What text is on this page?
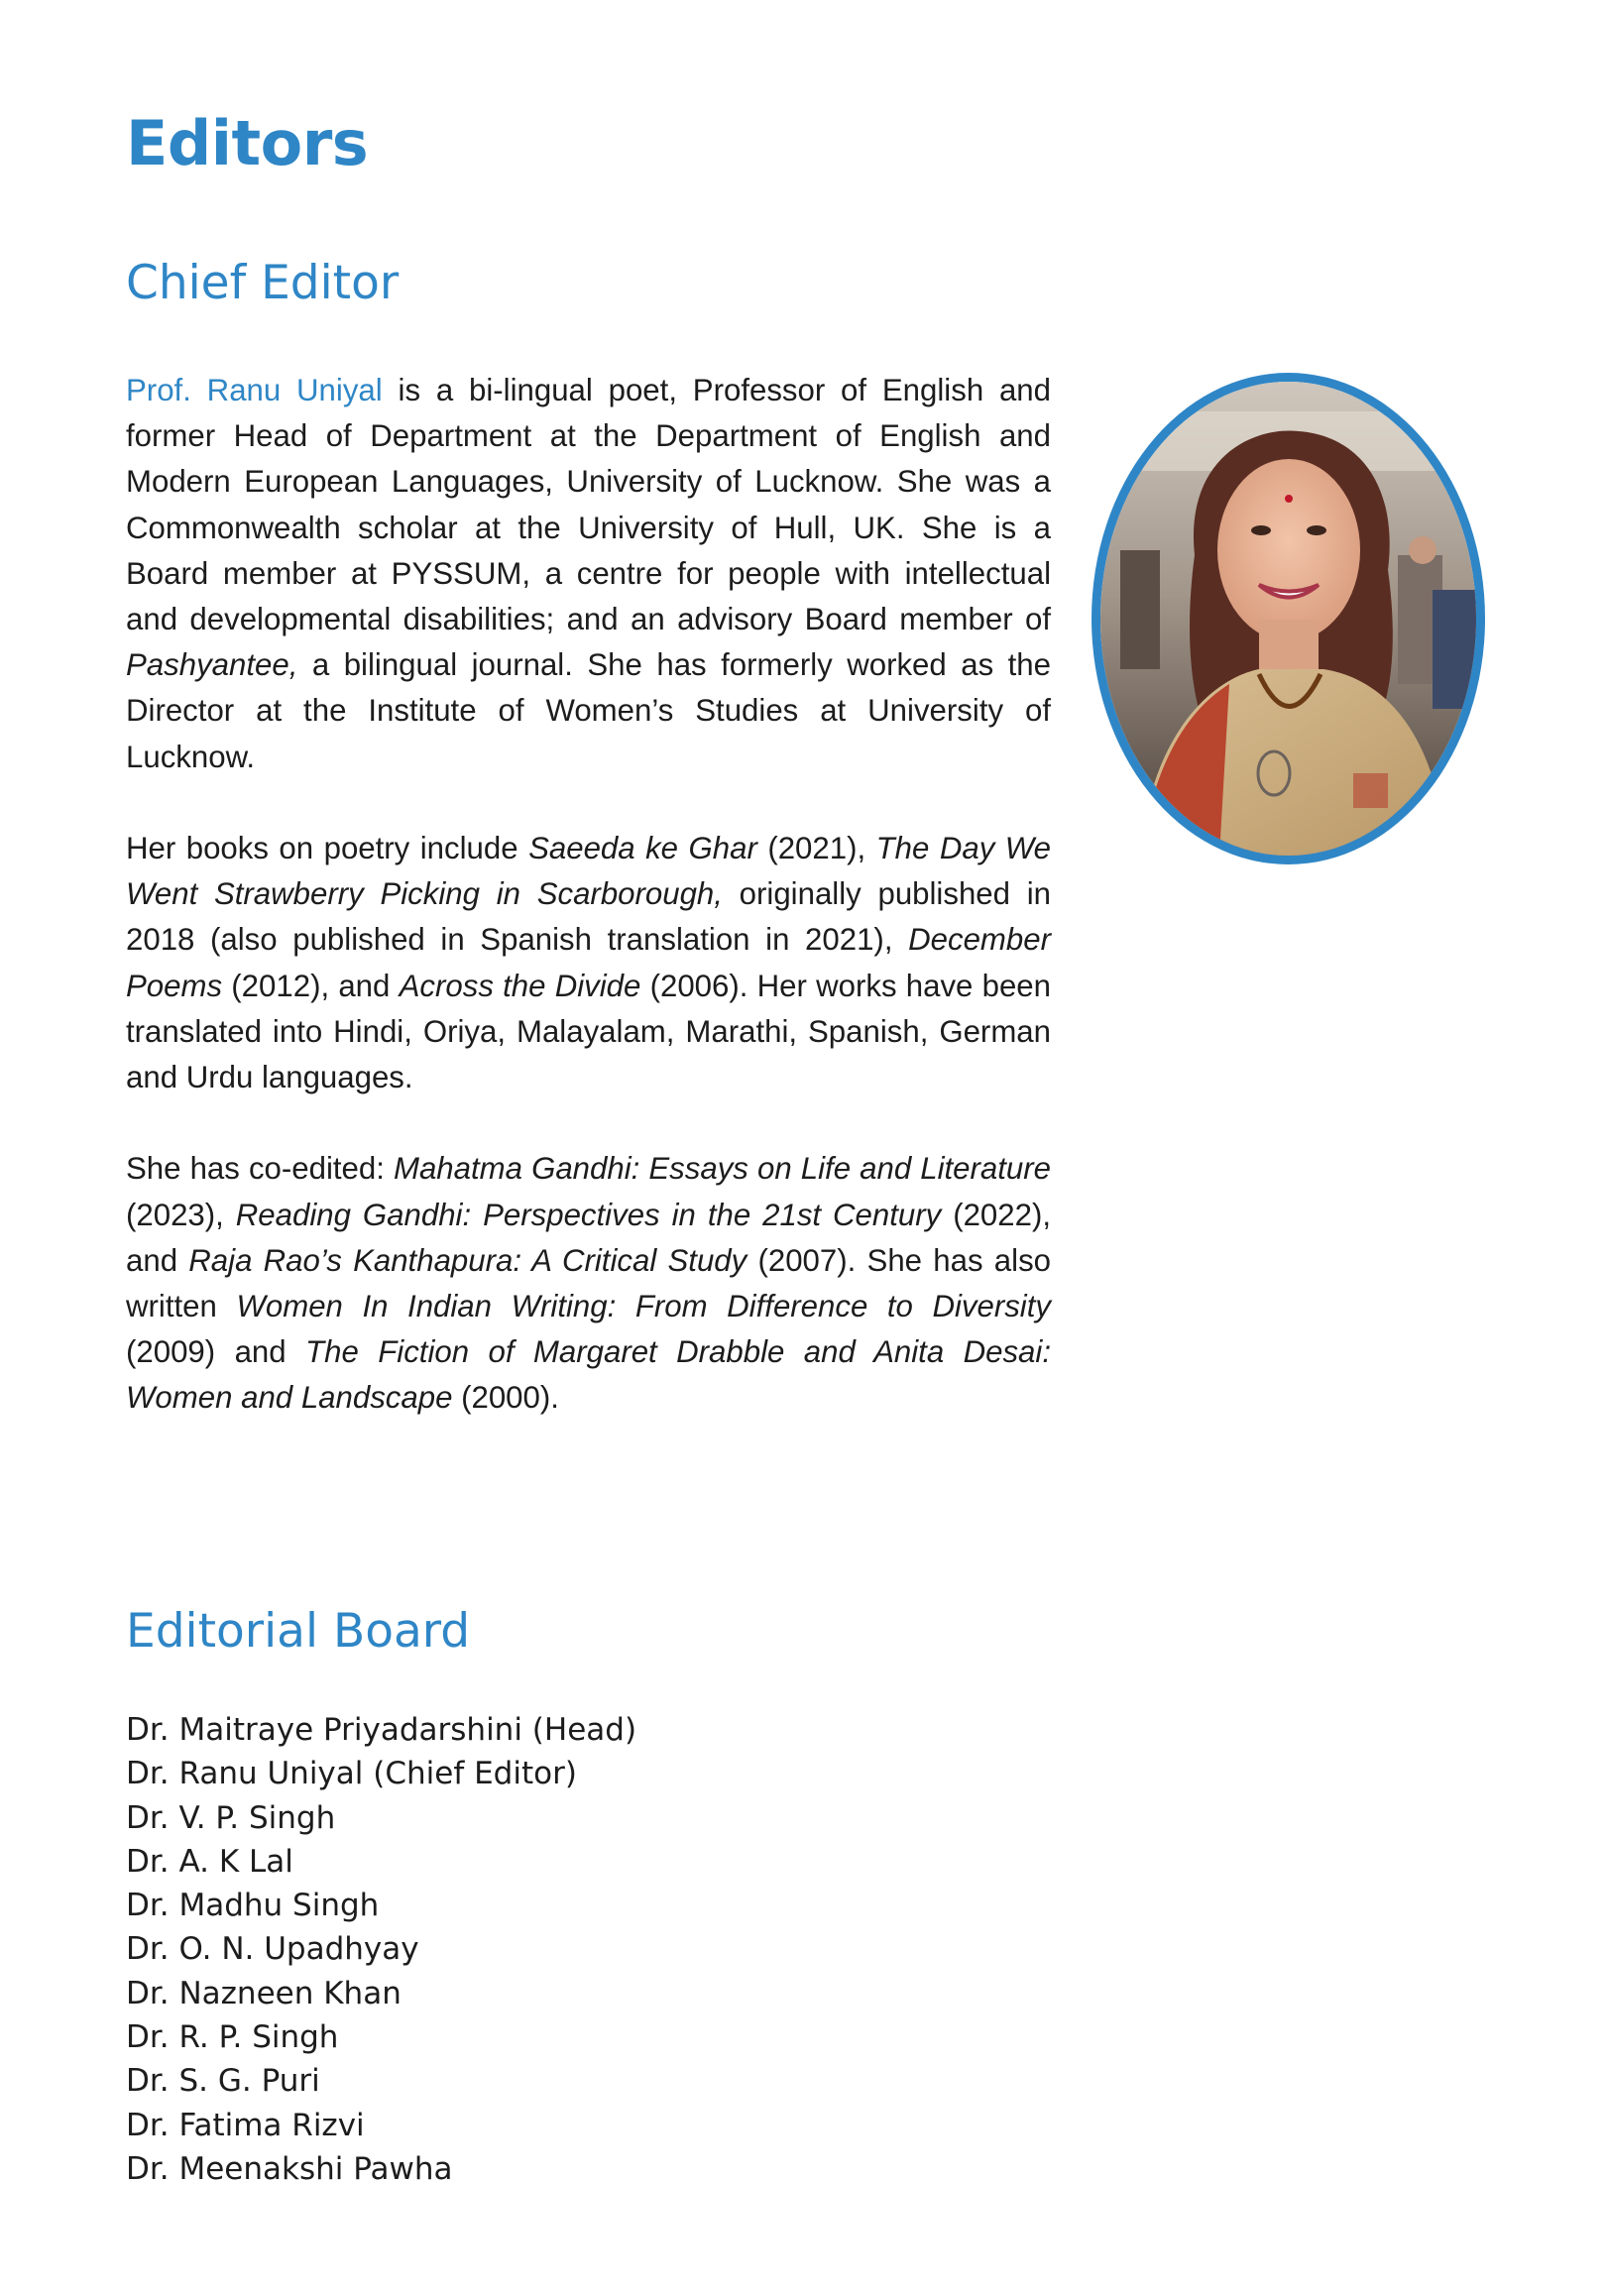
Editors
Chief Editor

Prof. Ranu Uniyal is a bi-lingual poet, Professor of English and former Head of Department at the Department of English and Modern European Languages, University of Lucknow. She was a Commonwealth scholar at the University of Hull, UK. She is a Board member at PYSSUM, a centre for people with intellectual and developmental disabilities; and an advisory Board member of Pashyantee, a bilingual journal. She has formerly worked as the Director at the Institute of Women’s Studies at University of Lucknow.

Her books on poetry include Saeeda ke Ghar (2021), The Day We Went Strawberry Picking in Scarborough, originally published in 2018 (also published in Spanish translation in 2021), December Poems (2012), and Across the Divide (2006). Her works have been translated into Hindi, Oriya, Malayalam, Marathi, Spanish, German and Urdu languages.

She has co-edited: Mahatma Gandhi: Essays on Life and Literature (2023), Reading Gandhi: Perspectives in the 21st Century (2022), and Raja Rao’s Kanthapura: A Critical Study (2007). She has also written Women In Indian Writing: From Difference to Diversity (2009) and The Fiction of Margaret Drabble and Anita Desai: Women and Landscape (2000).

Editorial Board
Dr. Maitraye Priyadarshini (Head)
Dr. Ranu Uniyal (Chief Editor)
Dr. V. P. Singh
Dr. A. K Lal
Dr. Madhu Singh
Dr. O. N. Upadhyay
Dr. Nazneen Khan
Dr. R. P. Singh
Dr. S. G. Puri
Dr. Fatima Rizvi
Dr. Meenakshi Pawha
